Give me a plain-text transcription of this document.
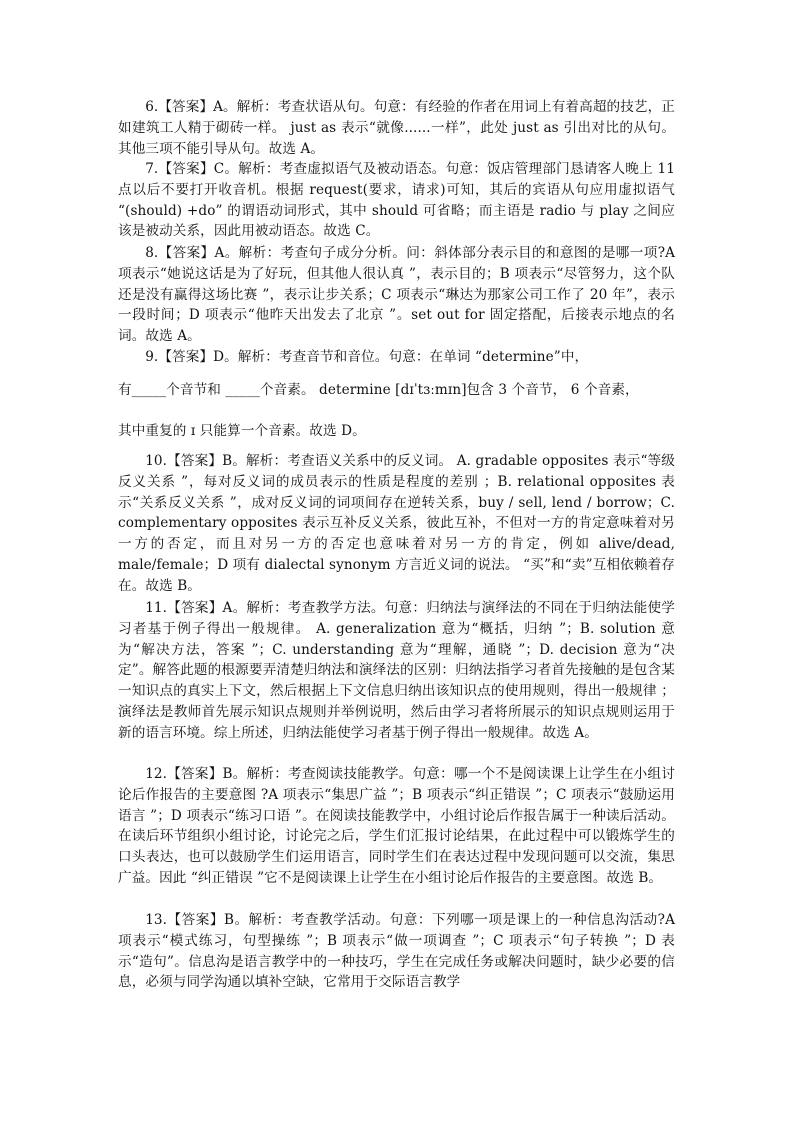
6.【答案】A。解析：考查状语从句。句意：有经验的作者在用词上有着高超的技艺，正如建筑工人精于砌砖一样。 just as 表示“就像......一样”，此处 just as 引出对比的从句。其他三项不能引导从句。故选 A。

7.【答案】C。解析：考查虚拟语气及被动语态。句意：饭店管理部门恳请客人晚上 11 点以后不要打开收音机。根据 request(要求，请求)可知，其后的宾语从句应用虚拟语气 “(should) +do” 的谓语动词形式，其中 should 可省略；而主语是 radio 与 play 之间应该是被动关系，因此用被动语态。故选 C。

8.【答案】A。解析：考查句子成分分析。问：斜体部分表示目的和意图的是哪一项?A 项表示“她说这话是为了好玩，但其他人很认真 ”，表示目的；B 项表示“尽管努力，这个队还是没有赢得这场比赛 ”，表示让步关系；C 项表示“琳达为那家公司工作了 20 年”，表示一段时间；D 项表示“他昨天出发去了北京 ”。set out for 固定搭配，后接表示地点的名词。故选 A。

9.【答案】D。解析：考查音节和音位。句意：在单词 “determine”中，

有_____个音节和 _____个音素。 determine [dɪˈtɜːmɪn]包含 3 个音节， 6 个音素，

其中重复的 ɪ 只能算一个音素。故选 D。

10.【答案】B。解析：考查语义关系中的反义词。 A. gradable opposites 表示“等级反义关系 ”，每对反义词的成员表示的性质是程度的差别 ；B. relational opposites 表示“关系反义关系 ”，成对反义词的词项间存在逆转关系，buy / sell, lend / borrow；C. complementary opposites 表示互补反义关系，彼此互补，不但对一方的肯定意味着对另一方的否定，而且对另一方的否定也意味着对另一方的肯定，例如 alive/dead, male/female；D 项有 dialectal synonym 方言近义词的说法。 “买”和“卖”互相依赖着存在。故选 B。

11.【答案】A。解析：考查教学方法。句意：归纳法与演绎法的不同在于归纳法能使学习者基于例子得出一般规律。 A. generalization 意为“概括，归纳 ”；B. solution 意为“解决方法，答案 ”；C. understanding 意为“理解，通晓 ”；D. decision 意为“决定”。解答此题的根源要弄清楚归纳法和演绎法的区别：归纳法指学习者首先接触的是包含某一知识点的真实上下文，然后根据上下文信息归纳出该知识点的使用规则，得出一般规律 ；演绎法是教师首先展示知识点规则并举例说明，然后由学习者将所展示的知识点规则运用于新的语言环境。综上所述，归纳法能使学习者基于例子得出一般规律。故选 A。

12.【答案】B。解析：考查阅读技能教学。句意：哪一个不是阅读课上让学生在小组讨论后作报告的主要意图 ?A 项表示“集思广益 ”；B 项表示“纠正错误 ”；C 项表示“鼓励运用语言 ”；D 项表示“练习口语 ”。在阅读技能教学中，小组讨论后作报告属于一种读后活动。在读后环节组织小组讨论，讨论完之后，学生们汇报讨论结果，在此过程中可以锻炼学生的口头表达，也可以鼓励学生们运用语言，同时学生们在表达过程中发现问题可以交流，集思广益。因此 “纠正错误 ”它不是阅读课上让学生在小组讨论后作报告的主要意图。故选 B。

13.【答案】B。解析：考查教学活动。句意：下列哪一项是课上的一种信息沟活动?A 项表示“模式练习，句型操练 ”；B 项表示“做一项调查 ”；C 项表示“句子转换 ”；D 表示“造句”。信息沟是语言教学中的一种技巧，学生在完成任务或解决问题时，缺少必要的信息，必须与同学沟通以填补空缺，它常用于交际语言教学
